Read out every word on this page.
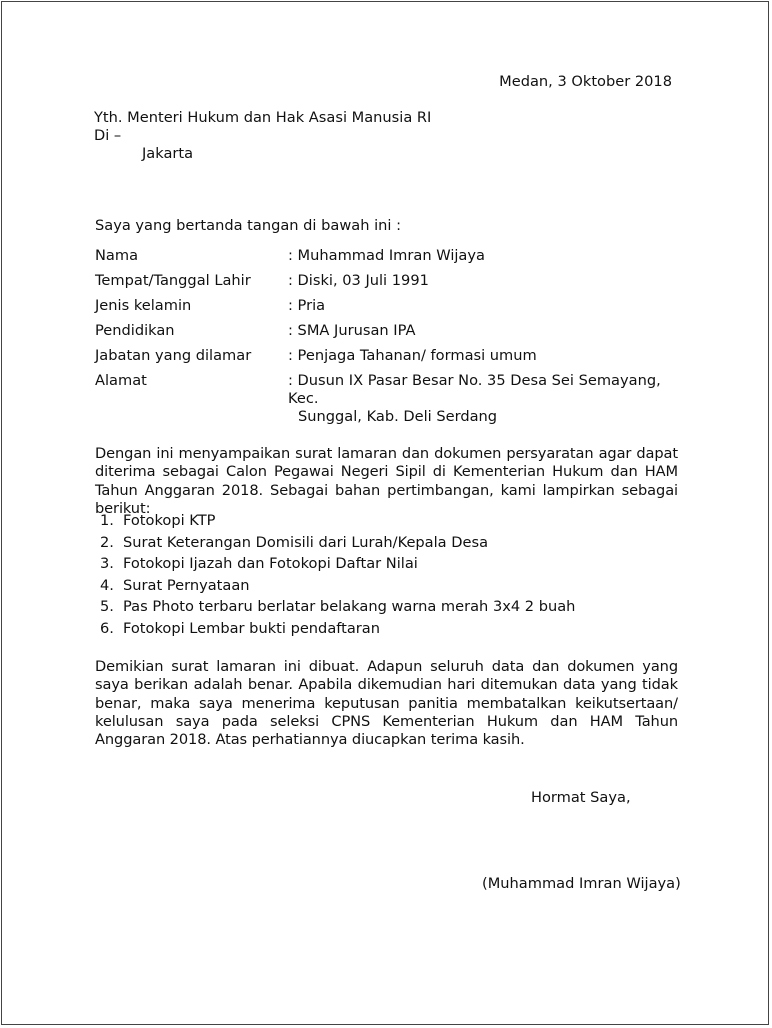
Medan, 3 Oktober 2018
Yth. Menteri Hukum dan Hak Asasi Manusia RI
Di –
Jakarta
Saya yang bertanda tangan di bawah ini :
Nama	: Muhammad Imran Wijaya
Tempat/Tanggal Lahir	: Diski, 03 Juli 1991
Jenis kelamin	: Pria
Pendidikan	: SMA Jurusan IPA
Jabatan yang dilamar	: Penjaga Tahanan/ formasi umum
Alamat	: Dusun IX Pasar Besar No. 35 Desa Sei Semayang, Kec.
Sunggal, Kab. Deli Serdang
Dengan ini menyampaikan surat lamaran dan dokumen persyaratan agar dapat diterima sebagai Calon Pegawai Negeri Sipil di Kementerian Hukum dan HAM Tahun Anggaran 2018. Sebagai bahan pertimbangan, kami lampirkan sebagai berikut:
1. Fotokopi KTP
2. Surat Keterangan Domisili dari Lurah/Kepala Desa
3. Fotokopi Ijazah dan Fotokopi Daftar Nilai
4. Surat Pernyataan
5. Pas Photo terbaru berlatar belakang warna merah 3x4 2 buah
6. Fotokopi Lembar bukti pendaftaran
Demikian surat lamaran ini dibuat. Adapun seluruh data dan dokumen yang saya berikan adalah benar. Apabila dikemudian hari ditemukan data yang tidak benar, maka saya menerima keputusan panitia membatalkan keikutsertaan/ kelulusan saya pada seleksi CPNS Kementerian Hukum dan HAM Tahun Anggaran 2018. Atas perhatiannya diucapkan terima kasih.
Hormat Saya,
(Muhammad Imran Wijaya)
